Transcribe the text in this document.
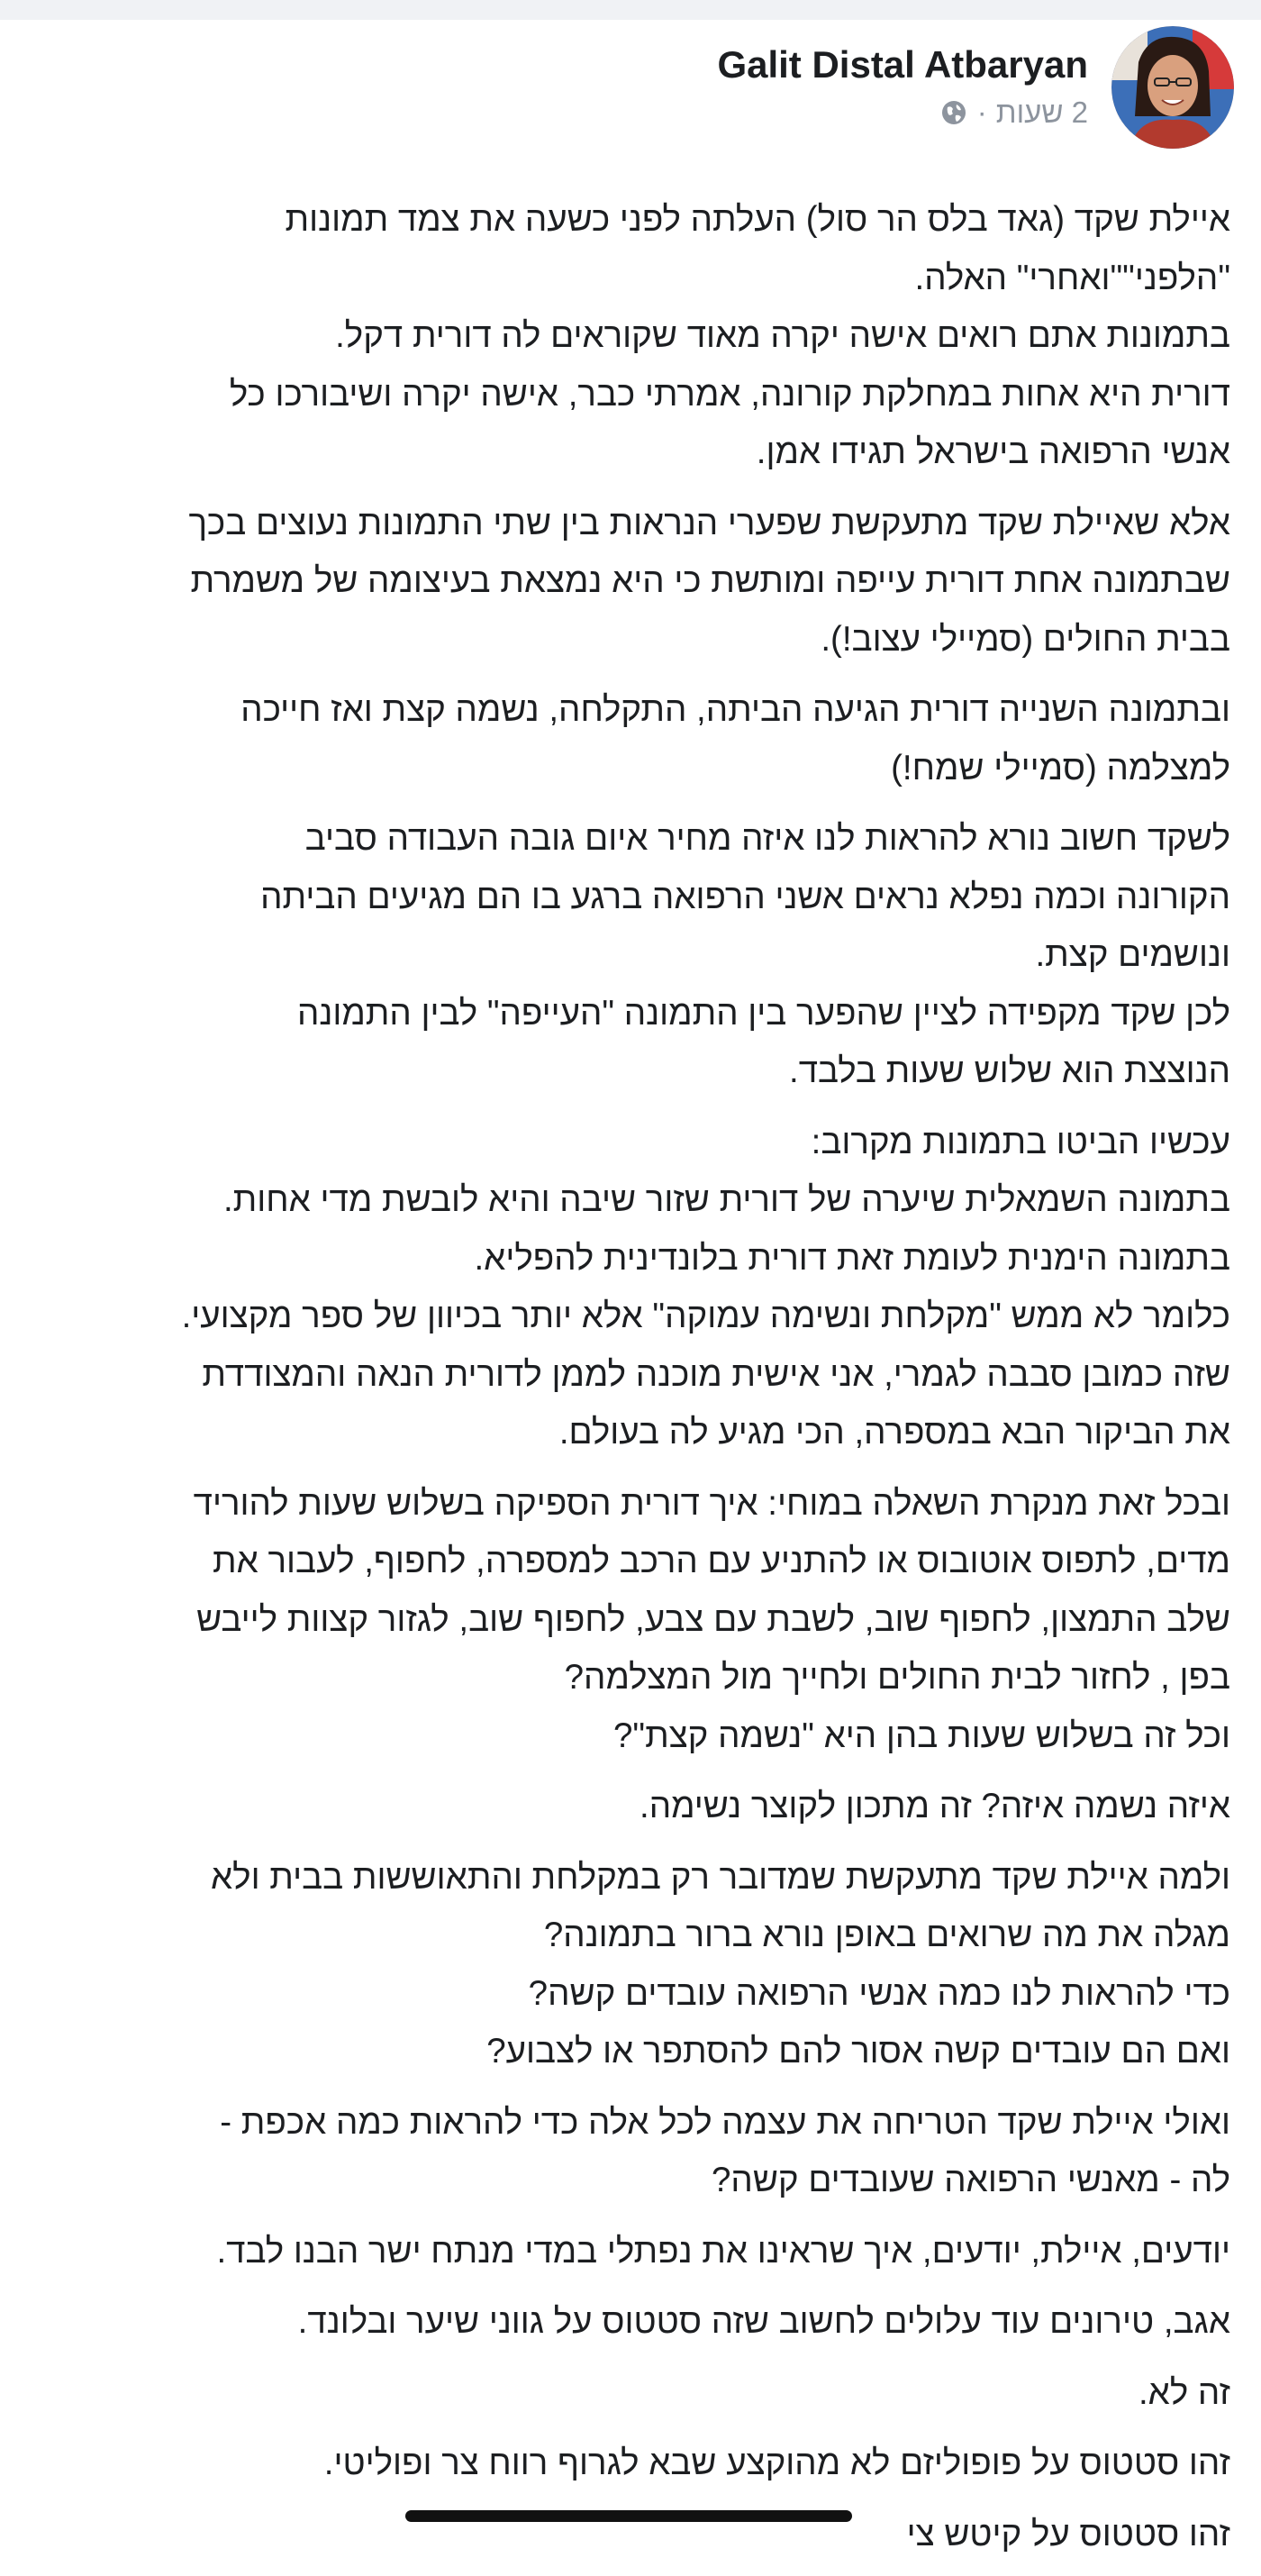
Galit Distal Atbaryan
2 שעות
·
איילת שקד (גאד בלס הר סול) העלתה לפני כשעה את צמד תמונות
"הלפני""ואחרי" האלה.
בתמונות אתם רואים אישה יקרה מאוד שקוראים לה דורית דקל.
דורית היא אחות במחלקת קורונה, אמרתי כבר, אישה יקרה ושיבורכו כל
אנשי הרפואה בישראל תגידו אמן.
אלא שאיילת שקד מתעקשת שפערי הנראות בין שתי התמונות נעוצים בכך
שבתמונה אחת דורית עייפה ומותשת כי היא נמצאת בעיצומה של משמרת
בבית החולים (סמיילי עצוב!).
ובתמונה השנייה דורית הגיעה הביתה, התקלחה, נשמה קצת ואז חייכה
למצלמה (סמיילי שמח!)
לשקד חשוב נורא להראות לנו איזה מחיר איום גובה העבודה סביב
הקורונה וכמה נפלא נראים אשני הרפואה ברגע בו הם מגיעים הביתה
ונושמים קצת.
לכן שקד מקפידה לציין שהפער בין התמונה "העייפה" לבין התמונה
הנוצצת הוא שלוש שעות בלבד.
עכשיו הביטו בתמונות מקרוב:
בתמונה השמאלית שיערה של דורית שזור שיבה והיא לובשת מדי אחות.
בתמונה הימנית לעומת זאת דורית בלונדינית להפליא.
כלומר לא ממש "מקלחת ונשימה עמוקה" אלא יותר בכיוון של ספר מקצועי.
שזה כמובן סבבה לגמרי, אני אישית מוכנה לממן לדורית הנאה והמצודדת
את הביקור הבא במספרה, הכי מגיע לה בעולם.
ובכל זאת מנקרת השאלה במוחי: איך דורית הספיקה בשלוש שעות להוריד
מדים, לתפוס אוטובוס או להתניע עם הרכב למספרה, לחפוף, לעבור את
שלב התמצון, לחפוף שוב, לשבת עם צבע, לחפוף שוב, לגזור קצוות לייבש
בפן , לחזור לבית החולים ולחייך מול המצלמה?
וכל זה בשלוש שעות בהן היא "נשמה קצת"?
איזה נשמה איזה? זה מתכון לקוצר נשימה.
ולמה איילת שקד מתעקשת שמדובר רק במקלחת והתאוששות בבית ולא
מגלה את מה שרואים באופן נורא ברור בתמונה?
כדי להראות לנו כמה אנשי הרפואה עובדים קשה?
ואם הם עובדים קשה אסור להם להסתפר או לצבוע?
ואולי איילת שקד הטריחה את עצמה לכל אלה כדי להראות כמה אכפת -
לה - מאנשי הרפואה שעובדים קשה?
יודעים, איילת, יודעים, איך שראינו את נפתלי במדי מנתח ישר הבנו לבד.
אגב, טירונים עוד עלולים לחשוב שזה סטטוס על גווני שיער ובלונד.
זה לא.
זהו סטטוס על פופוליזם לא מהוקצע שבא לגרוף רווח צר ופוליטי.
זהו סטטוס על קיטש צי
